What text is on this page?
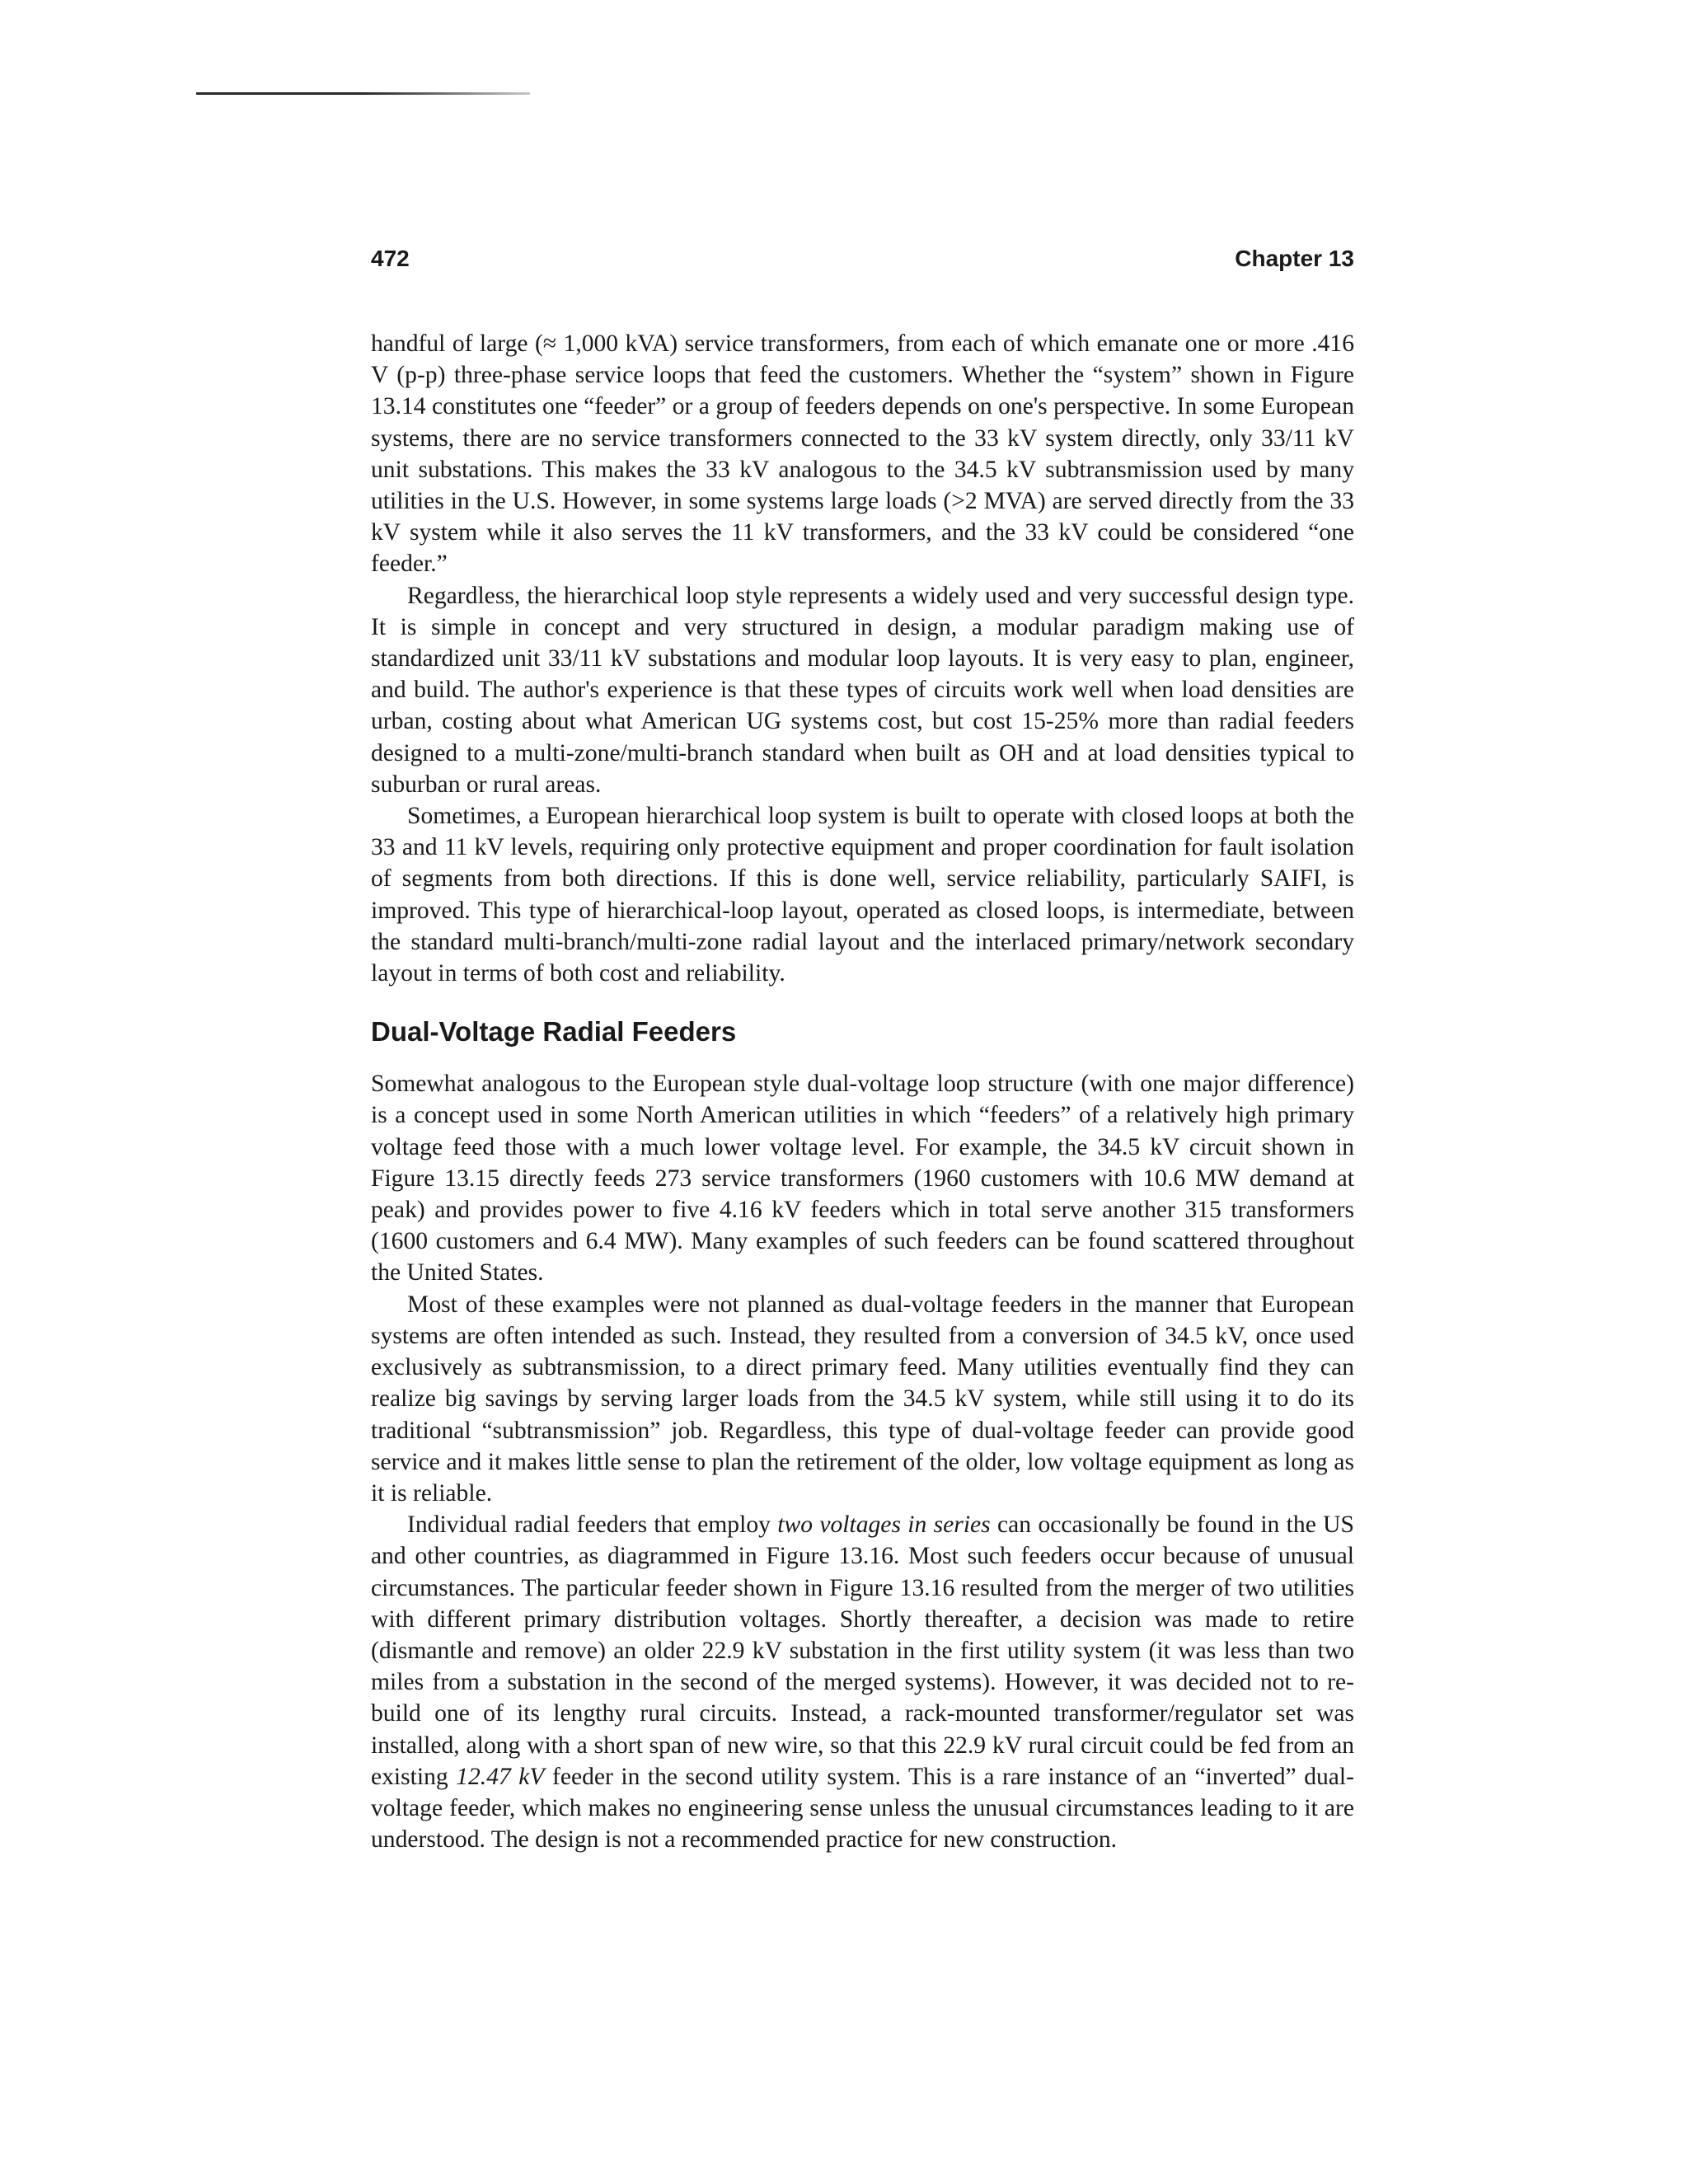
472	Chapter 13

handful of large (≈ 1,000 kVA) service transformers, from each of which emanate one or more .416 V (p-p) three-phase service loops that feed the customers. Whether the “system” shown in Figure 13.14 constitutes one “feeder” or a group of feeders depends on one's perspective. In some European systems, there are no service transformers connected to the 33 kV system directly, only 33/11 kV unit substations. This makes the 33 kV analogous to the 34.5 kV subtransmission used by many utilities in the U.S. However, in some systems large loads (>2 MVA) are served directly from the 33 kV system while it also serves the 11 kV transformers, and the 33 kV could be considered “one feeder.”

Regardless, the hierarchical loop style represents a widely used and very successful design type. It is simple in concept and very structured in design, a modular paradigm making use of standardized unit 33/11 kV substations and modular loop layouts. It is very easy to plan, engineer, and build. The author's experience is that these types of circuits work well when load densities are urban, costing about what American UG systems cost, but cost 15-25% more than radial feeders designed to a multi-zone/multi-branch standard when built as OH and at load densities typical to suburban or rural areas.

Sometimes, a European hierarchical loop system is built to operate with closed loops at both the 33 and 11 kV levels, requiring only protective equipment and proper coordination for fault isolation of segments from both directions. If this is done well, service reliability, particularly SAIFI, is improved. This type of hierarchical-loop layout, operated as closed loops, is intermediate, between the standard multi-branch/multi-zone radial layout and the interlaced primary/network secondary layout in terms of both cost and reliability.

Dual-Voltage Radial Feeders

Somewhat analogous to the European style dual-voltage loop structure (with one major difference) is a concept used in some North American utilities in which “feeders” of a relatively high primary voltage feed those with a much lower voltage level. For example, the 34.5 kV circuit shown in Figure 13.15 directly feeds 273 service transformers (1960 customers with 10.6 MW demand at peak) and provides power to five 4.16 kV feeders which in total serve another 315 transformers (1600 customers and 6.4 MW). Many examples of such feeders can be found scattered throughout the United States.

Most of these examples were not planned as dual-voltage feeders in the manner that European systems are often intended as such. Instead, they resulted from a conversion of 34.5 kV, once used exclusively as subtransmission, to a direct primary feed. Many utilities eventually find they can realize big savings by serving larger loads from the 34.5 kV system, while still using it to do its traditional “subtransmission” job. Regardless, this type of dual-voltage feeder can provide good service and it makes little sense to plan the retirement of the older, low voltage equipment as long as it is reliable.

Individual radial feeders that employ two voltages in series can occasionally be found in the US and other countries, as diagrammed in Figure 13.16. Most such feeders occur because of unusual circumstances. The particular feeder shown in Figure 13.16 resulted from the merger of two utilities with different primary distribution voltages. Shortly thereafter, a decision was made to retire (dismantle and remove) an older 22.9 kV substation in the first utility system (it was less than two miles from a substation in the second of the merged systems). However, it was decided not to re-build one of its lengthy rural circuits. Instead, a rack-mounted transformer/regulator set was installed, along with a short span of new wire, so that this 22.9 kV rural circuit could be fed from an existing 12.47 kV feeder in the second utility system. This is a rare instance of an “inverted” dual-voltage feeder, which makes no engineering sense unless the unusual circumstances leading to it are understood. The design is not a recommended practice for new construction.
